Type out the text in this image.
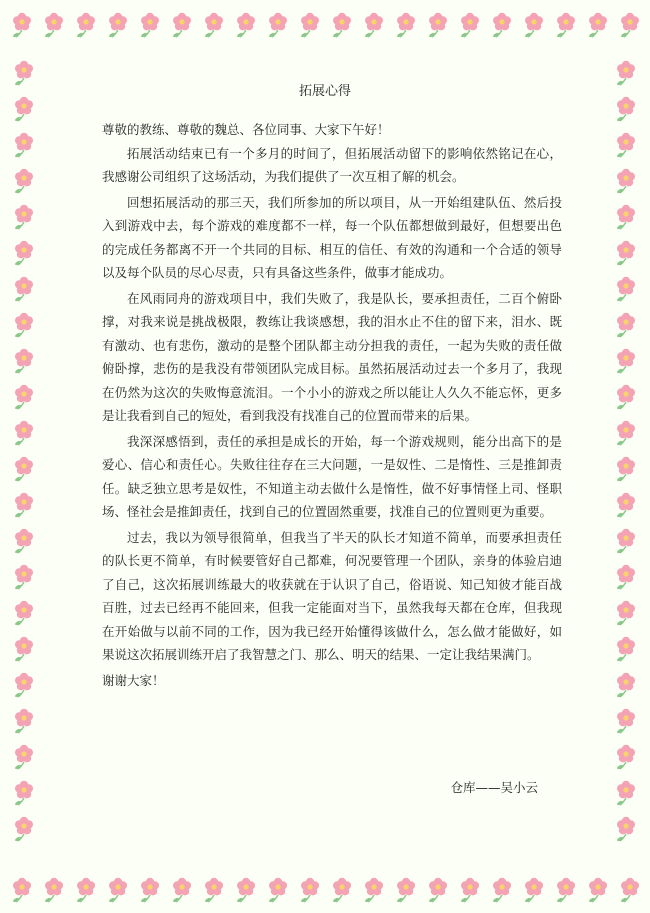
拓展心得

尊敬的教练、尊敬的魏总、各位同事、大家下午好！

拓展活动结束已有一个多月的时间了，但拓展活动留下的影响依然铭记在心，我感谢公司组织了这场活动，为我们提供了一次互相了解的机会。

回想拓展活动的那三天，我们所参加的所以项目，从一开始组建队伍、然后投入到游戏中去，每个游戏的难度都不一样，每一个队伍都想做到最好，但想要出色的完成任务都离不开一个共同的目标、相互的信任、有效的沟通和一个合适的领导以及每个队员的尽心尽责，只有具备这些条件，做事才能成功。

在风雨同舟的游戏项目中，我们失败了，我是队长，要承担责任，二百个俯卧撑，对我来说是挑战极限，教练让我谈感想，我的泪水止不住的留下来，泪水、既有激动、也有悲伤，激动的是整个团队都主动分担我的责任，一起为失败的责任做俯卧撑，悲伤的是我没有带领团队完成目标。虽然拓展活动过去一个多月了，我现在仍然为这次的失败悔意流泪。一个小小的游戏之所以能让人久久不能忘怀，更多是让我看到自己的短处，看到我没有找准自己的位置而带来的后果。

我深深感悟到，责任的承担是成长的开始，每一个游戏规则，能分出高下的是爱心、信心和责任心。失败往往存在三大问题，一是奴性、二是惰性、三是推卸责任。缺乏独立思考是奴性，不知道主动去做什么是惰性，做不好事情怪上司、怪职场、怪社会是推卸责任，找到自己的位置固然重要，找准自己的位置则更为重要。

过去，我以为领导很简单，但我当了半天的队长才知道不简单，而要承担责任的队长更不简单，有时候要管好自己都难，何况要管理一个团队，亲身的体验启迪了自己，这次拓展训练最大的收获就在于认识了自己，俗语说、知己知彼才能百战百胜，过去已经再不能回来，但我一定能面对当下，虽然我每天都在仓库，但我现在开始做与以前不同的工作，因为我已经开始懂得该做什么，怎么做才能做好，如果说这次拓展训练开启了我智慧之门、那么、明天的结果、一定让我结果满门。

谢谢大家！

仓库——吴小云
